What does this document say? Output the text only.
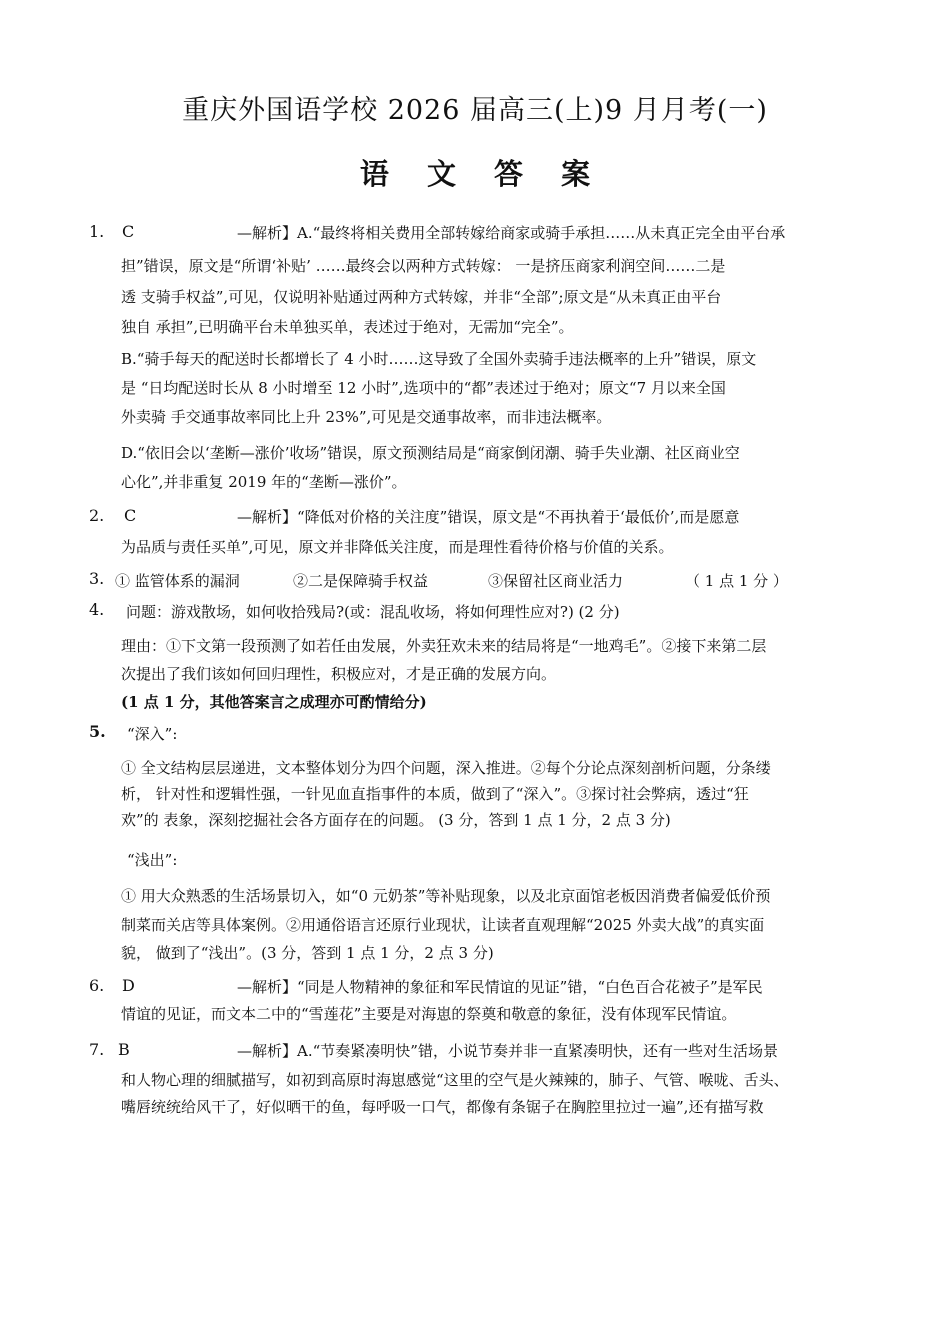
重庆外国语学校 2026 届高三(上)9 月月考(一)
语 文 答 案
1. C	—解析】A.“最终将相关费用全部转嫁给商家或骑手承担……从未真正完全由平台承
担”错误，原文是“所谓‘补贴’ ……最终会以两种方式转嫁： 一是挤压商家利润空间……二是
透 支骑手权益”,可见，仅说明补贴通过两种方式转嫁，并非“全部”;原文是“从未真正由平台
独自 承担”,已明确平台未单独买单，表述过于绝对，无需加“完全”。
B.“骑手每天的配送时长都增长了 4 小时……这导致了全国外卖骑手违法概率的上升”错误，原文
是 “日均配送时长从 8 小时增至 12 小时”,选项中的“都”表述过于绝对；原文“7 月以来全国
外卖骑 手交通事故率同比上升 23%”,可见是交通事故率，而非违法概率。
D.“依旧会以‘垄断—涨价’收场”错误，原文预测结局是“商家倒闭潮、骑手失业潮、社区商业空
心化”,并非重复 2019 年的“垄断—涨价”。
2. C	—解析】“降低对价格的关注度”错误，原文是“不再执着于‘最低价’,而是愿意
为品质与责任买单”,可见，原文并非降低关注度，而是理性看待价格与价值的关系。
3. ① 监管体系的漏洞	②二是保障骑手权益	③保留社区商业活力	（ 1 点 1 分 ）
4. 问题：游戏散场，如何收拾残局?(或：混乱收场，将如何理性应对?) (2 分)
理由：①下文第一段预测了如若任由发展，外卖狂欢未来的结局将是“一地鸡毛”。②接下来第二层
次提出了我们该如何回归理性，积极应对，才是正确的发展方向。
(1 点 1 分，其他答案言之成理亦可酌情给分)
5. “深入”:
① 全文结构层层递进，文本整体划分为四个问题，深入推进。②每个分论点深刻剖析问题，分条缕
析， 针对性和逻辑性强，一针见血直指事件的本质，做到了“深入”。③探讨社会弊病，透过“狂
欢”的 表象，深刻挖掘社会各方面存在的问题。 (3 分，答到 1 点 1 分，2 点 3 分)
“浅出”:
① 用大众熟悉的生活场景切入，如“0 元奶茶”等补贴现象，以及北京面馆老板因消费者偏爱低价预
制菜而关店等具体案例。②用通俗语言还原行业现状，让读者直观理解“2025 外卖大战”的真实面
貌， 做到了“浅出”。(3 分，答到 1 点 1 分，2 点 3 分)
6. D	—解析】“同是人物精神的象征和军民情谊的见证”错，“白色百合花被子”是军民
情谊的见证，而文本二中的“雪莲花”主要是对海崽的祭奠和敬意的象征，没有体现军民情谊。
7. B	—解析】A.“节奏紧凑明快”错，小说节奏并非一直紧凑明快，还有一些对生活场景
和人物心理的细腻描写，如初到高原时海崽感觉“这里的空气是火辣辣的，肺子、气管、喉咙、舌头、
嘴唇统统给风干了，好似晒干的鱼，每呼吸一口气，都像有条锯子在胸腔里拉过一遍”,还有描写救
